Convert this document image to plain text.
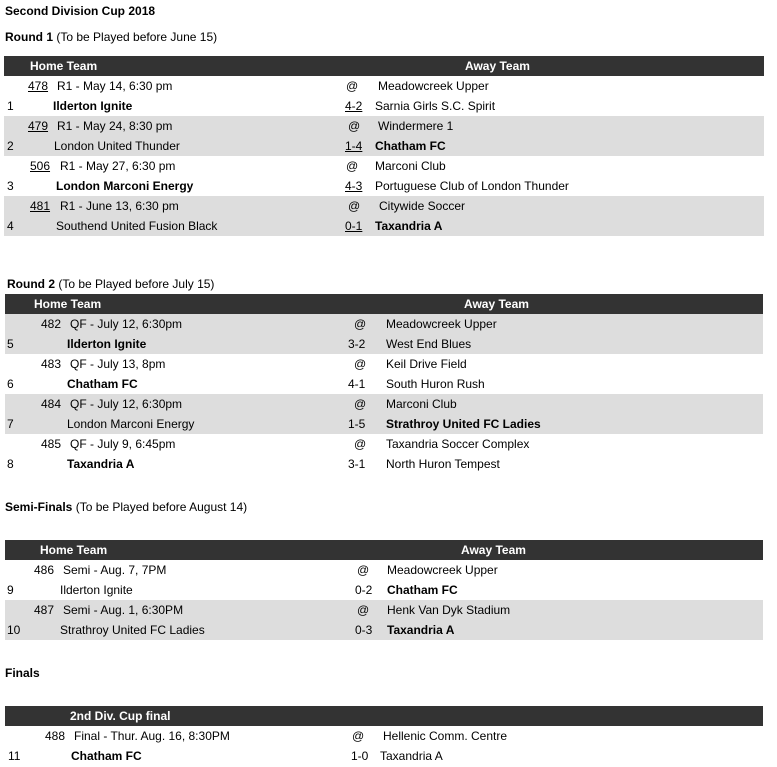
Second Division Cup 2018
Round 1 (To be Played before June 15)
Home Team	Away Team
478 R1 - May 14, 6:30 pm	@ Meadowcreek Upper
1	Ilderton Ignite	4-2 Sarnia Girls S.C. Spirit
479 R1 - May 24, 8:30 pm	@ Windermere 1
2	London United Thunder	1-4 Chatham FC
506 R1 - May 27, 6:30 pm	@ Marconi Club
3	London Marconi Energy	4-3 Portuguese Club of London Thunder
481 R1 - June 13, 6:30 pm	@ Citywide Soccer
4	Southend United Fusion Black	0-1 Taxandria A
Round 2 (To be Played before July 15)
Home Team	Away Team
482 QF - July 12, 6:30pm	@ Meadowcreek Upper
5	Ilderton Ignite	3-2 West End Blues
483 QF - July 13, 8pm	@ Keil Drive Field
6	Chatham FC	4-1 South Huron Rush
484 QF - July 12, 6:30pm	@ Marconi Club
7	London Marconi Energy	1-5 Strathroy United FC Ladies
485 QF - July 9, 6:45pm	@ Taxandria Soccer Complex
8	Taxandria A	3-1 North Huron Tempest
Semi-Finals (To be Played before August 14)
Home Team	Away Team
486 Semi - Aug. 7, 7PM	@ Meadowcreek Upper
9	Ilderton Ignite	0-2 Chatham FC
487 Semi - Aug. 1, 6:30PM	@ Henk Van Dyk Stadium
10	Strathroy United FC Ladies	0-3 Taxandria A
Finals
2nd Div. Cup final
488 Final - Thur. Aug. 16, 8:30PM	@ Hellenic Comm. Centre
11	Chatham FC	1-0 Taxandria A
